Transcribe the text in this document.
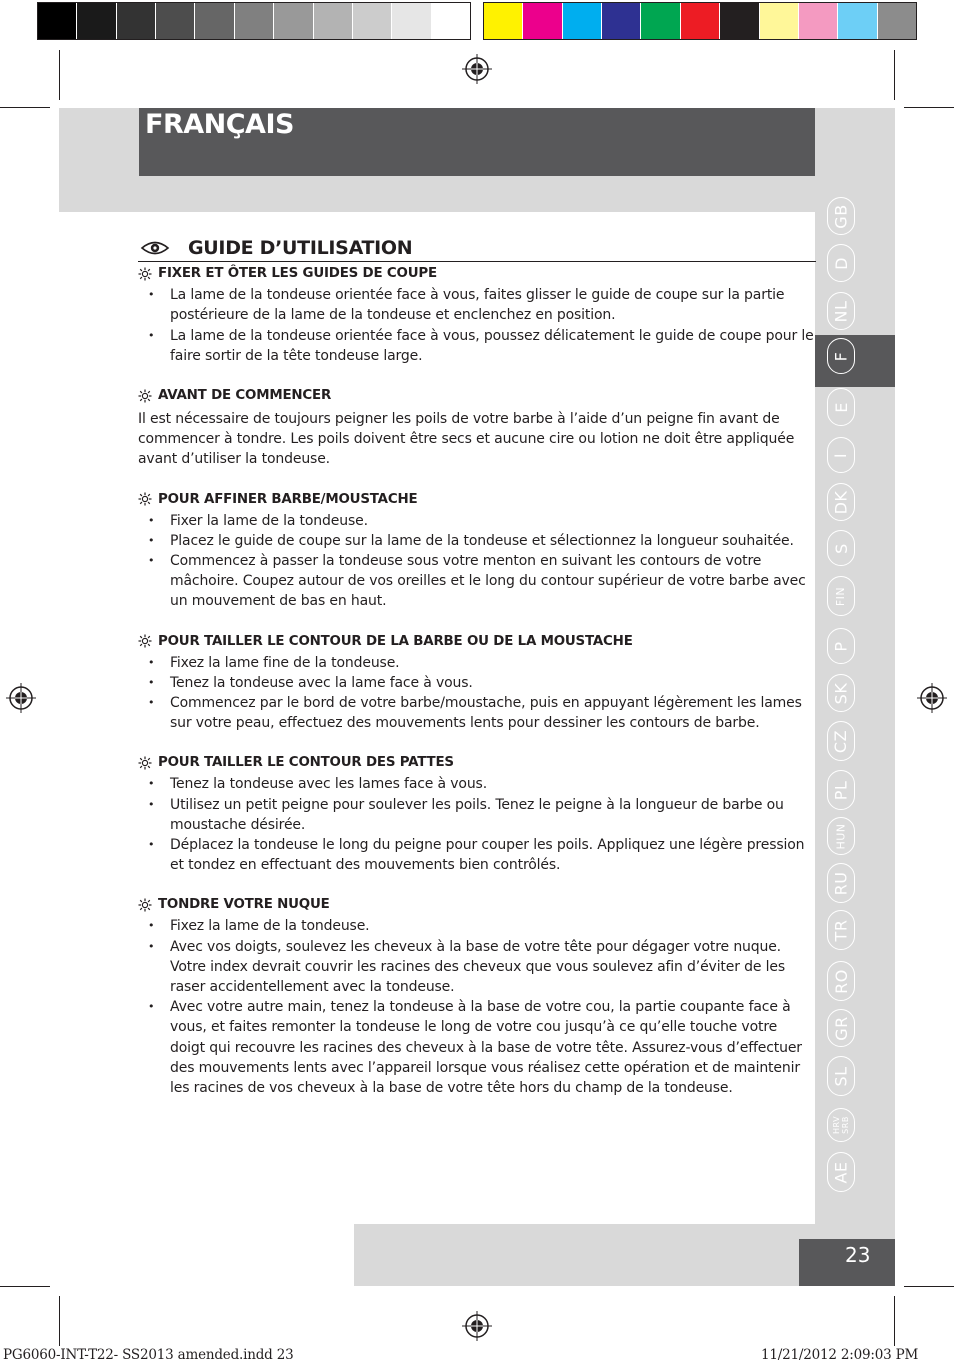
FRANÇAIS
GB
D
NL
F
E
I
DK
S
FIN
P
SK
CZ
PL
HUN
RU
TR
RO
GR
SL
HRV
SRB
AE
23
GUIDE D’UTILISATION
FIXER ET ÔTER LES GUIDES DE COUPE
• La lame de la tondeuse orientée face à vous, faites glisser le guide de coupe sur la partie postérieure de la lame de la tondeuse et enclenchez en position.
• La lame de la tondeuse orientée face à vous, poussez délicatement le guide de coupe pour le faire sortir de la tête tondeuse large.
AVANT DE COMMENCER

Il est nécessaire de toujours peigner les poils de votre barbe à l’aide d’un peigne fin avant de commencer à tondre. Les poils doivent être secs et aucune cire ou lotion ne doit être appliquée avant d’utiliser la tondeuse.

POUR AFFINER BARBE/MOUSTACHE
• Fixer la lame de la tondeuse.
• Placez le guide de coupe sur la lame de la tondeuse et sélectionnez la longueur souhaitée.
• Commencez à passer la tondeuse sous votre menton en suivant les contours de votre mâchoire. Coupez autour de vos oreilles et le long du contour supérieur de votre barbe avec un mouvement de bas en haut.
POUR TAILLER LE CONTOUR DE LA BARBE OU DE LA MOUSTACHE
• Fixez la lame fine de la tondeuse.
• Tenez la tondeuse avec la lame face à vous.
• Commencez par le bord de votre barbe/moustache, puis en appuyant légèrement les lames sur votre peau, effectuez des mouvements lents pour dessiner les contours de barbe.
POUR TAILLER LE CONTOUR DES PATTES
• Tenez la tondeuse avec les lames face à vous.
• Utilisez un petit peigne pour soulever les poils. Tenez le peigne à la longueur de barbe ou moustache désirée.
• Déplacez la tondeuse le long du peigne pour couper les poils. Appliquez une légère pression et tondez en effectuant des mouvements bien contrôlés.
TONDRE VOTRE NUQUE
• Fixez la lame de la tondeuse.
• Avec vos doigts, soulevez les cheveux à la base de votre tête pour dégager votre nuque. Votre index devrait couvrir les racines des cheveux que vous soulevez afin d’éviter de les raser accidentellement avec la tondeuse.
• Avec votre autre main, tenez la tondeuse à la base de votre cou, la partie coupante face à vous, et faites remonter la tondeuse le long de votre cou jusqu’à ce qu’elle touche votre doigt qui recouvre les racines des cheveux à la base de votre tête. Assurez-vous d’effectuer des mouvements lents avec l’appareil lorsque vous réalisez cette opération et de maintenir les racines de vos cheveux à la base de votre tête hors du champ de la tondeuse.
PG6060-INT-T22- SS2013 amended.indd 23	11/21/2012 2:09:03 PM
